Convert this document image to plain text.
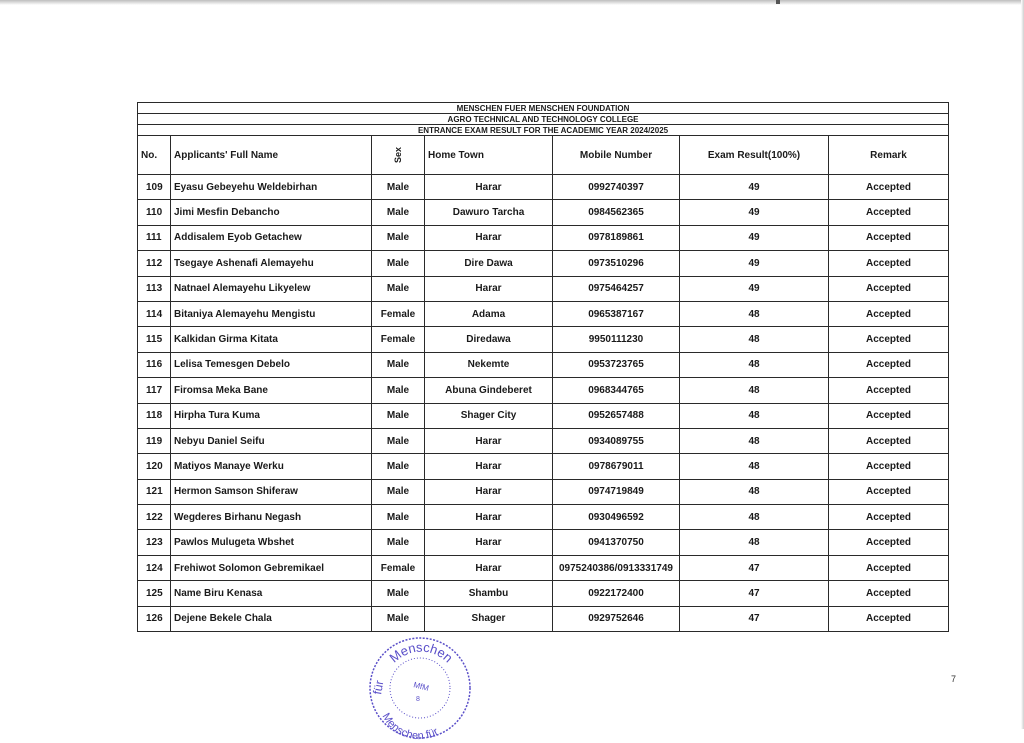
MENSCHEN FUER MENSCHEN FOUNDATION						
AGRO TECHNICAL AND TECHNOLOGY COLLEGE						
ENTRANCE EXAM RESULT FOR THE ACADEMIC YEAR 2024/2025						
No.	Applicants' Full Name	Sex	Home Town	Mobile Number	Exam Result(100%)	Remark
109	Eyasu Gebeyehu Weldebirhan	Male	Harar	0992740397	49	Accepted
110	Jimi Mesfin Debancho	Male	Dawuro Tarcha	0984562365	49	Accepted
111	Addisalem Eyob Getachew	Male	Harar	0978189861	49	Accepted
112	Tsegaye Ashenafi Alemayehu	Male	Dire Dawa	0973510296	49	Accepted
113	Natnael Alemayehu Likyelew	Male	Harar	0975464257	49	Accepted
114	Bitaniya Alemayehu Mengistu	Female	Adama	0965387167	48	Accepted
115	Kalkidan Girma Kitata	Female	Diredawa	9950111230	48	Accepted
116	Lelisa Temesgen Debelo	Male	Nekemte	0953723765	48	Accepted
117	Firomsa Meka Bane	Male	Abuna Gindeberet	0968344765	48	Accepted
118	Hirpha Tura Kuma	Male	Shager City	0952657488	48	Accepted
119	Nebyu Daniel Seifu	Male	Harar	0934089755	48	Accepted
120	Matiyos Manaye Werku	Male	Harar	0978679011	48	Accepted
121	Hermon Samson Shiferaw	Male	Harar	0974719849	48	Accepted
122	Wegderes Birhanu Negash	Male	Harar	0930496592	48	Accepted
123	Pawlos Mulugeta Wbshet	Male	Harar	0941370750	48	Accepted
124	Frehiwot Solomon Gebremikael	Female	Harar	0975240386/0913331749	47	Accepted
125	Name Biru Kenasa	Male	Shambu	0922172400	47	Accepted
126	Dejene Bekele Chala	Male	Shager	0929752646	47	Accepted
Menschen
für
Menschen für
MfM
8
7
